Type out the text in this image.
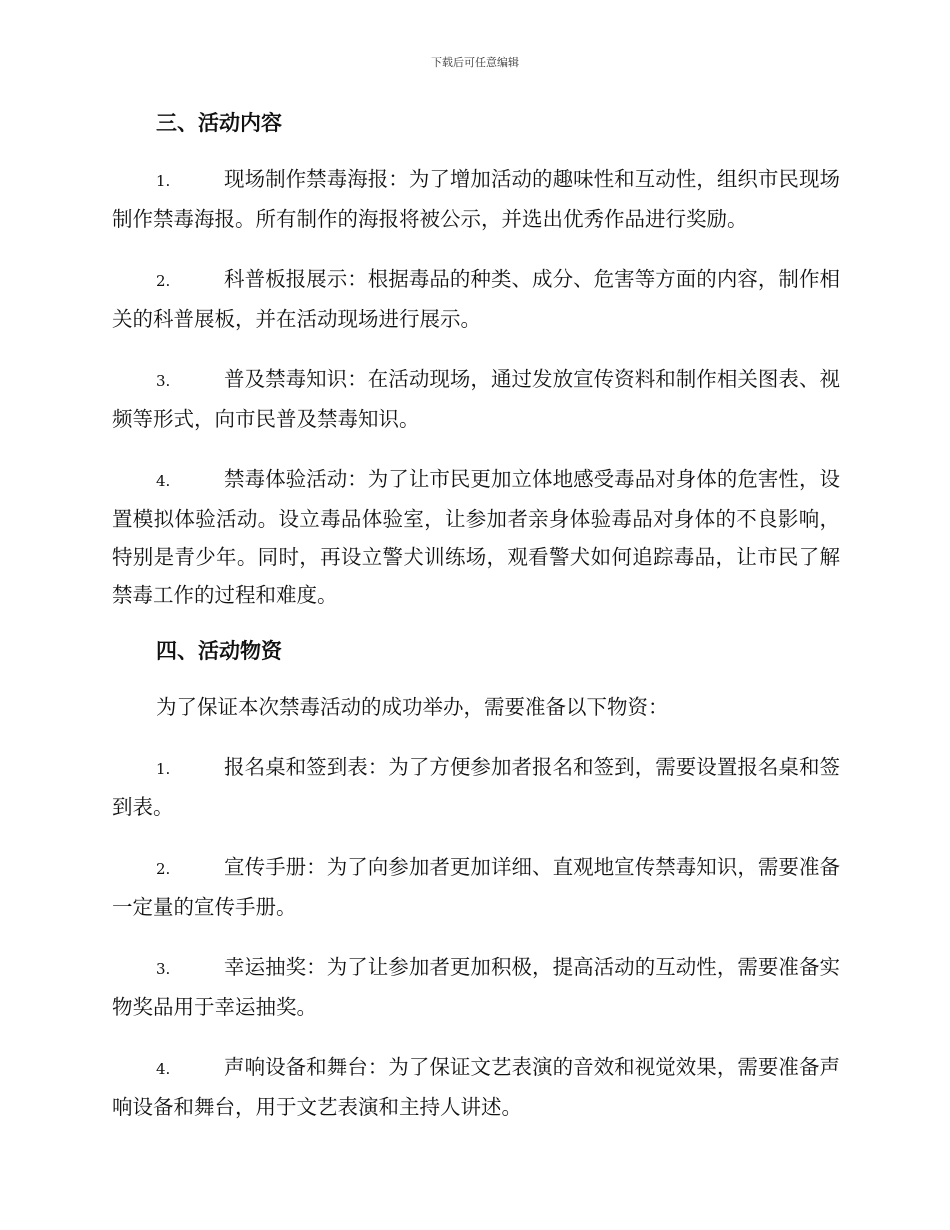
下载后可任意编辑
三、活动内容

1.	现场制作禁毒海报：为了增加活动的趣味性和互动性，组织市民现场制作禁毒海报。所有制作的海报将被公示，并选出优秀作品进行奖励。

2.	科普板报展示：根据毒品的种类、成分、危害等方面的内容，制作相关的科普展板，并在活动现场进行展示。

3.	普及禁毒知识：在活动现场，通过发放宣传资料和制作相关图表、视频等形式，向市民普及禁毒知识。

4.	禁毒体验活动：为了让市民更加立体地感受毒品对身体的危害性，设置模拟体验活动。设立毒品体验室，让参加者亲身体验毒品对身体的不良影响，特别是青少年。同时，再设立警犬训练场，观看警犬如何追踪毒品，让市民了解禁毒工作的过程和难度。

四、活动物资

为了保证本次禁毒活动的成功举办，需要准备以下物资：

1.	报名桌和签到表：为了方便参加者报名和签到，需要设置报名桌和签到表。

2.	宣传手册：为了向参加者更加详细、直观地宣传禁毒知识，需要准备一定量的宣传手册。

3.	幸运抽奖：为了让参加者更加积极，提高活动的互动性，需要准备实物奖品用于幸运抽奖。

4.	声响设备和舞台：为了保证文艺表演的音效和视觉效果，需要准备声响设备和舞台，用于文艺表演和主持人讲述。
